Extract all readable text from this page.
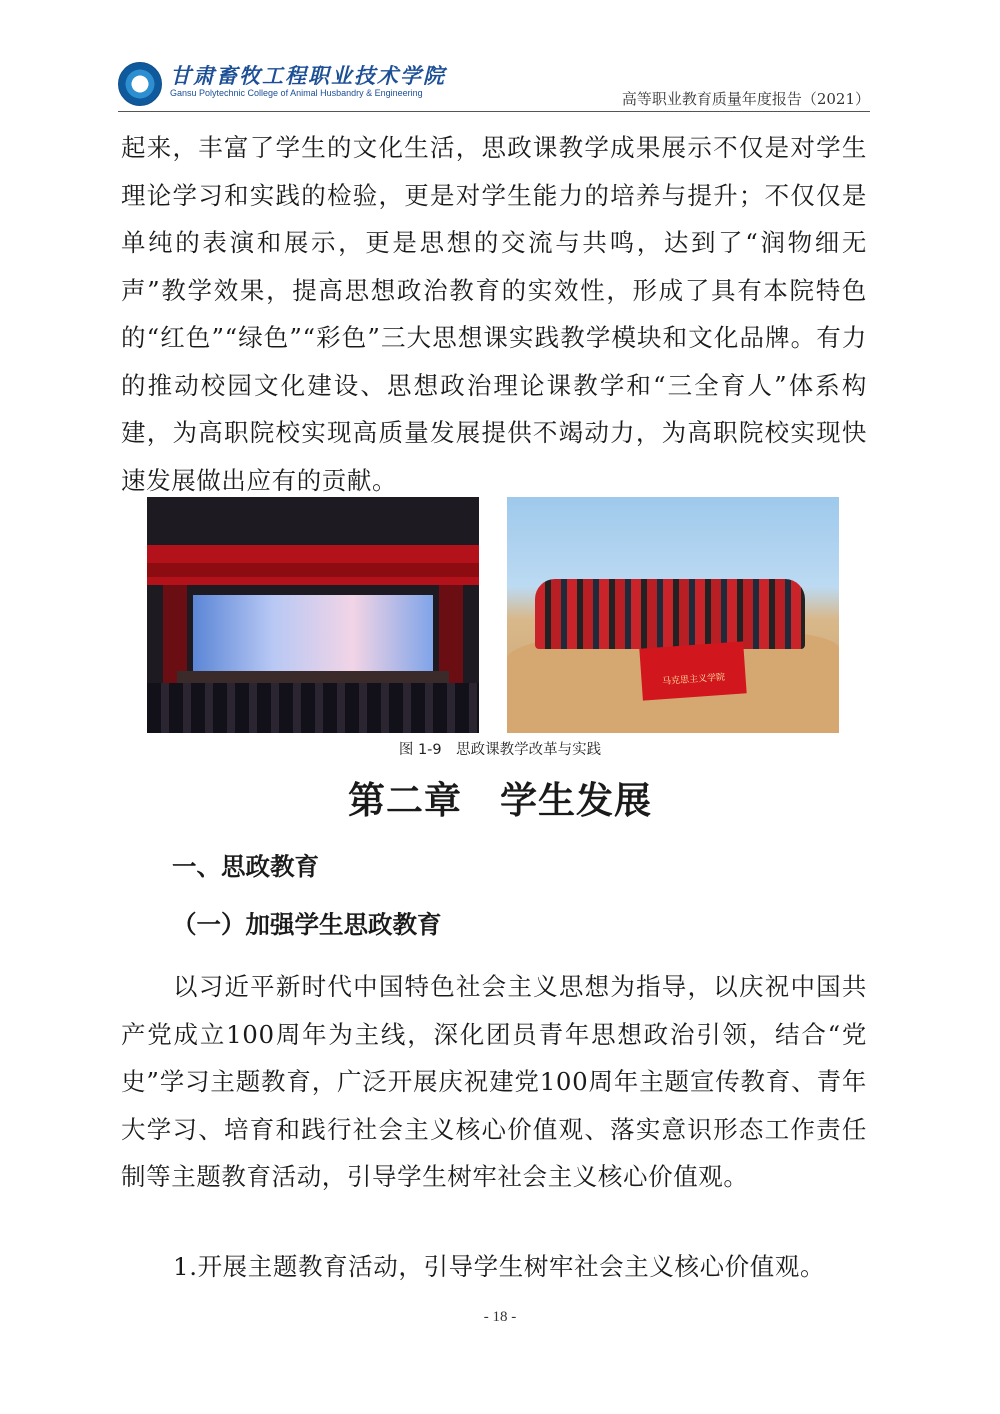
甘肃畜牧工程职业技术学院
Gansu Polytechnic College of Animal Husbandry & Engineering	高等职业教育质量年度报告（2021）

起来，丰富了学生的文化生活，思政课教学成果展示不仅是对学生理论学习和实践的检验，更是对学生能力的培养与提升；不仅仅是单纯的表演和展示，更是思想的交流与共鸣，达到了“润物细无声”教学效果，提高思想政治教育的实效性，形成了具有本院特色的“红色”“绿色”“彩色”三大思想课实践教学模块和文化品牌。有力的推动校园文化建设、思想政治理论课教学和“三全育人”体系构建，为高职院校实现高质量发展提供不竭动力，为高职院校实现快速发展做出应有的贡献。

马克思主义学院
图 1-9　思政课教学改革与实践
第二章　学生发展
一、思政教育
（一）加强学生思政教育

以习近平新时代中国特色社会主义思想为指导，以庆祝中国共产党成立100周年为主线，深化团员青年思想政治引领，结合“党史”学习主题教育，广泛开展庆祝建党100周年主题宣传教育、青年大学习、培育和践行社会主义核心价值观、落实意识形态工作责任制等主题教育活动，引导学生树牢社会主义核心价值观。

1.开展主题教育活动，引导学生树牢社会主义核心价值观。

- 18 -
